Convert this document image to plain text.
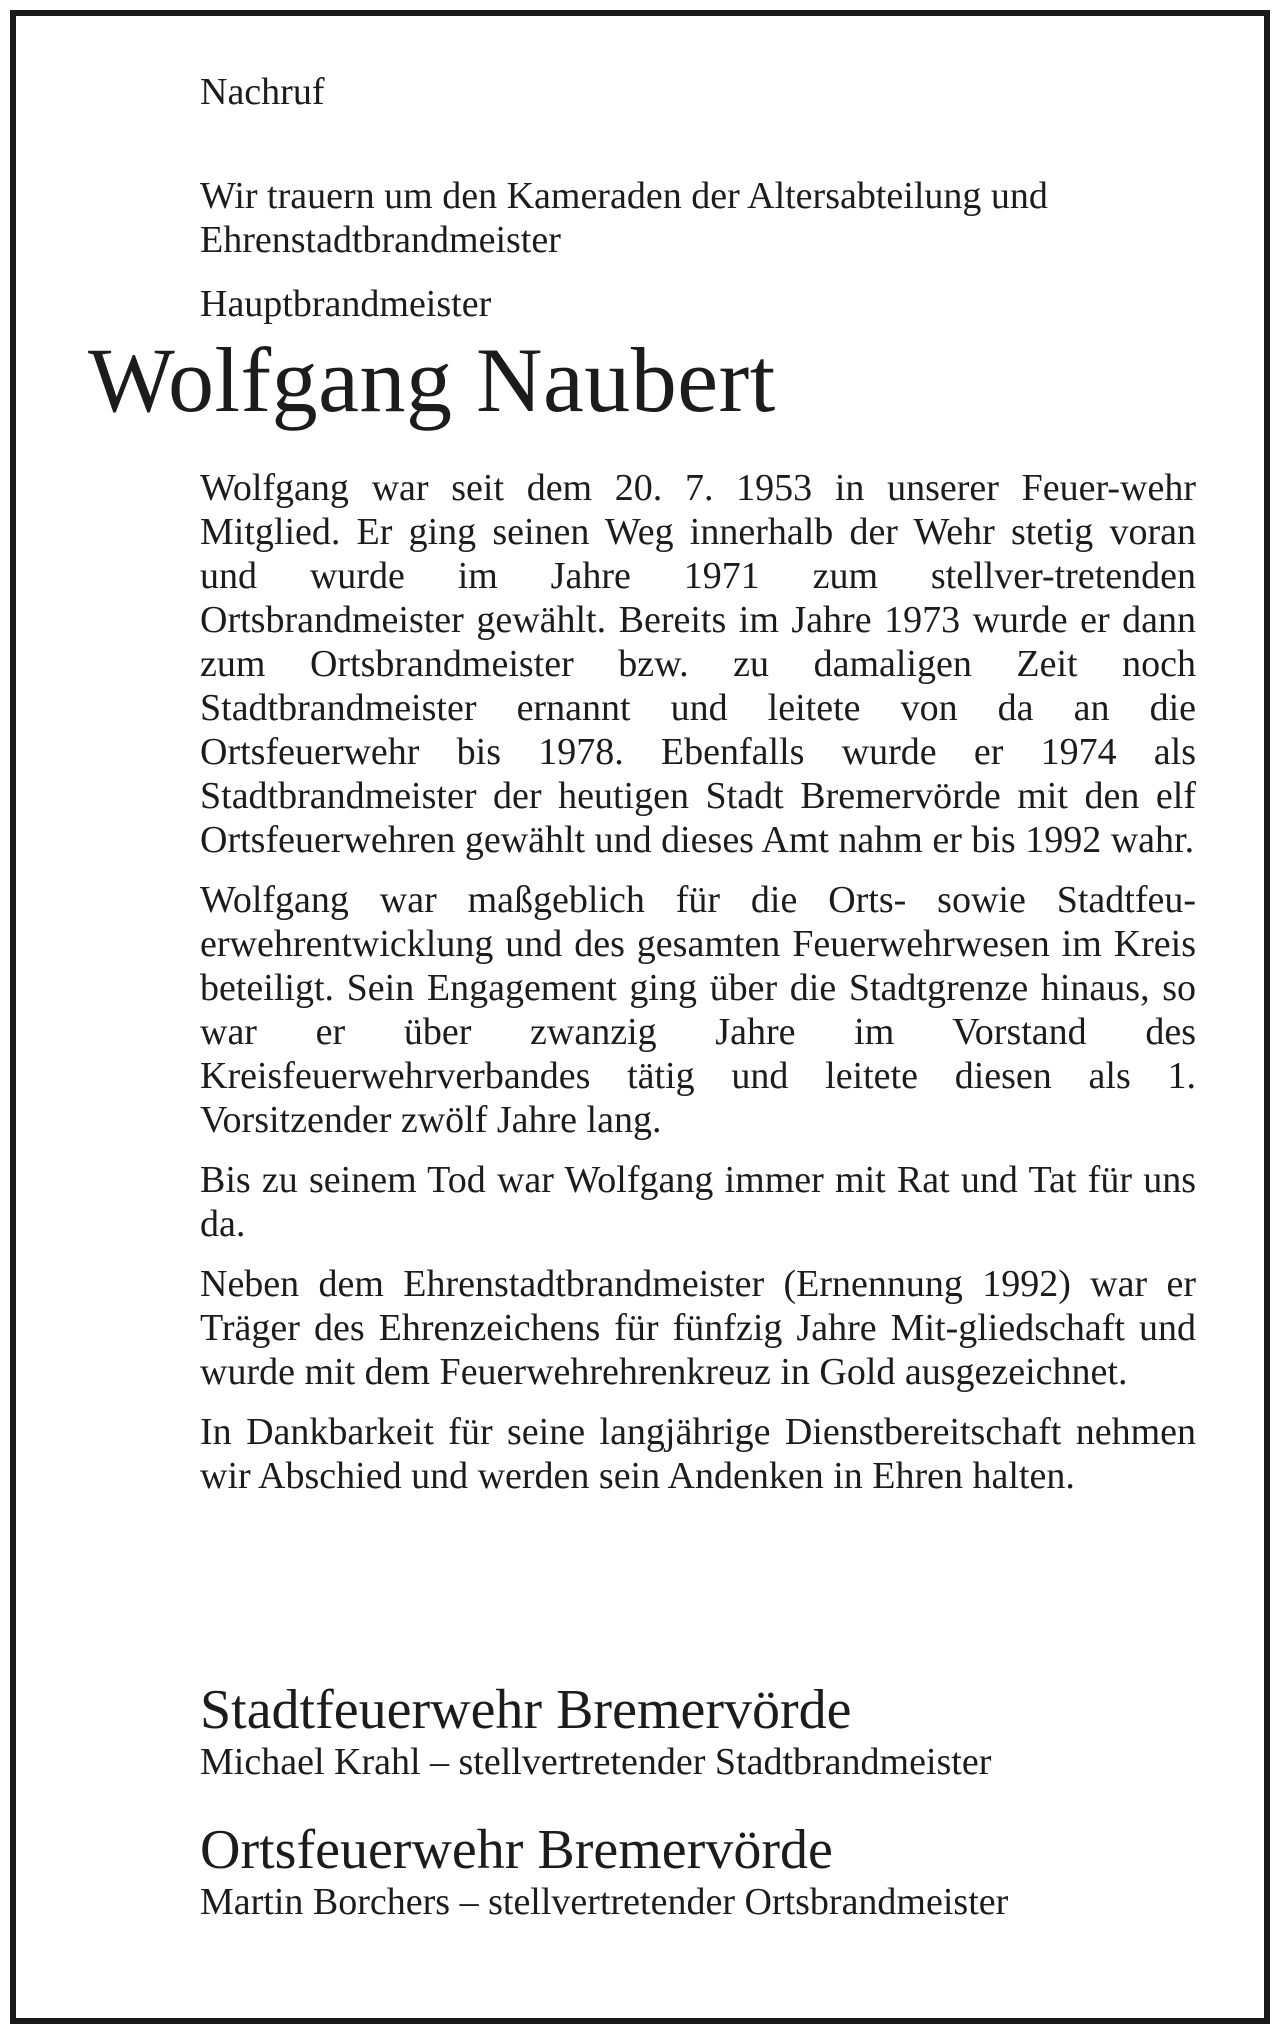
Nachruf

Wir trauern um den Kameraden der Altersabteilung und Ehrenstadtbrandmeister

Hauptbrandmeister

Wolfgang Naubert

Wolfgang war seit dem 20. 7. 1953 in unserer Feuer-wehr Mitglied. Er ging seinen Weg innerhalb der Wehr stetig voran und wurde im Jahre 1971 zum stellver-tretenden Ortsbrandmeister gewählt. Bereits im Jahre 1973 wurde er dann zum Ortsbrandmeister bzw. zu damaligen Zeit noch Stadtbrandmeister ernannt und leitete von da an die Ortsfeuerwehr bis 1978. Ebenfalls wurde er 1974 als Stadtbrandmeister der heutigen Stadt Bremervörde mit den elf Ortsfeuerwehren gewählt und dieses Amt nahm er bis 1992 wahr.

Wolfgang war maßgeblich für die Orts- sowie Stadtfeu-erwehrentwicklung und des gesamten Feuerwehrwesen im Kreis beteiligt. Sein Engagement ging über die Stadtgrenze hinaus, so war er über zwanzig Jahre im Vorstand des Kreisfeuerwehrverbandes tätig und leitete diesen als 1. Vorsitzender zwölf Jahre lang.

Bis zu seinem Tod war Wolfgang immer mit Rat und Tat für uns da.

Neben dem Ehrenstadtbrandmeister (Ernennung 1992) war er Träger des Ehrenzeichens für fünfzig Jahre Mit-gliedschaft und wurde mit dem Feuerwehrehrenkreuz in Gold ausgezeichnet.

In Dankbarkeit für seine langjährige Dienstbereitschaft nehmen wir Abschied und werden sein Andenken in Ehren halten.

Stadtfeuerwehr Bremervörde

Michael Krahl – stellvertretender Stadtbrandmeister

Ortsfeuerwehr Bremervörde

Martin Borchers – stellvertretender Ortsbrandmeister
